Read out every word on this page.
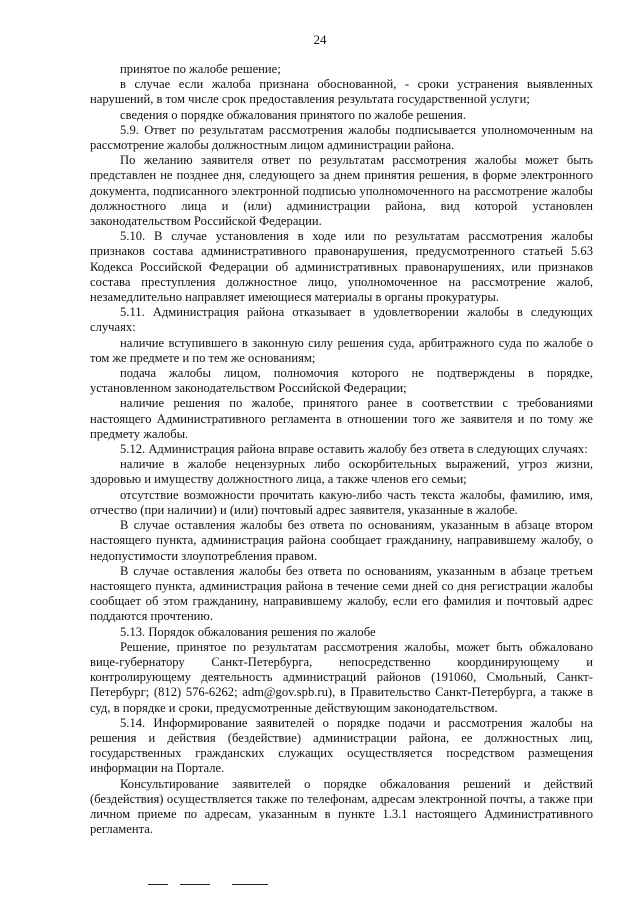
24

принятое по жалобе решение;

в случае если жалоба признана обоснованной, - сроки устранения выявленных нарушений, в том числе срок предоставления результата государственной услуги;

сведения о порядке обжалования принятого по жалобе решения.

5.9. Ответ по результатам рассмотрения жалобы подписывается уполномоченным на рассмотрение жалобы должностным лицом администрации района.

По желанию заявителя ответ по результатам рассмотрения жалобы может быть представлен не позднее дня, следующего за днем принятия решения, в форме электронного документа, подписанного электронной подписью уполномоченного на рассмотрение жалобы должностного лица и (или) администрации района, вид которой установлен законодательством Российской Федерации.

5.10. В случае установления в ходе или по результатам рассмотрения жалобы признаков состава административного правонарушения, предусмотренного статьей 5.63 Кодекса Российской Федерации об административных правонарушениях, или признаков состава преступления должностное лицо, уполномоченное на рассмотрение жалоб, незамедлительно направляет имеющиеся материалы в органы прокуратуры.

5.11. Администрация района отказывает в удовлетворении жалобы в следующих случаях:

наличие вступившего в законную силу решения суда, арбитражного суда по жалобе о том же предмете и по тем же основаниям;

подача жалобы лицом, полномочия которого не подтверждены в порядке, установленном законодательством Российской Федерации;

наличие решения по жалобе, принятого ранее в соответствии с требованиями настоящего Административного регламента в отношении того же заявителя и по тому же предмету жалобы.

5.12. Администрация района вправе оставить жалобу без ответа в следующих случаях:

наличие в жалобе нецензурных либо оскорбительных выражений, угроз жизни, здоровью и имуществу должностного лица, а также членов его семьи;

отсутствие возможности прочитать какую-либо часть текста жалобы, фамилию, имя, отчество (при наличии) и (или) почтовый адрес заявителя, указанные в жалобе.

В случае оставления жалобы без ответа по основаниям, указанным в абзаце втором настоящего пункта, администрация района сообщает гражданину, направившему жалобу, о недопустимости злоупотребления правом.

В случае оставления жалобы без ответа по основаниям, указанным в абзаце третьем настоящего пункта, администрация района в течение семи дней со дня регистрации жалобы сообщает об этом гражданину, направившему жалобу, если его фамилия и почтовый адрес поддаются прочтению.

5.13. Порядок обжалования решения по жалобе

Решение, принятое по результатам рассмотрения жалобы, может быть обжаловано вице-губернатору Санкт-Петербурга, непосредственно координирующему и контролирующему деятельность администраций районов (191060, Смольный, Санкт-Петербург; (812) 576-6262; adm@gov.spb.ru), в Правительство Санкт-Петербурга, а также в суд, в порядке и сроки, предусмотренные действующим законодательством.

5.14. Информирование заявителей о порядке подачи и рассмотрения жалобы на решения и действия (бездействие) администрации района, ее должностных лиц, государственных гражданских служащих осуществляется посредством размещения информации на Портале.

Консультирование заявителей о порядке обжалования решений и действий (бездействия) осуществляется также по телефонам, адресам электронной почты, а также при личном приеме по адресам, указанным в пункте 1.3.1 настоящего Административного регламента.
